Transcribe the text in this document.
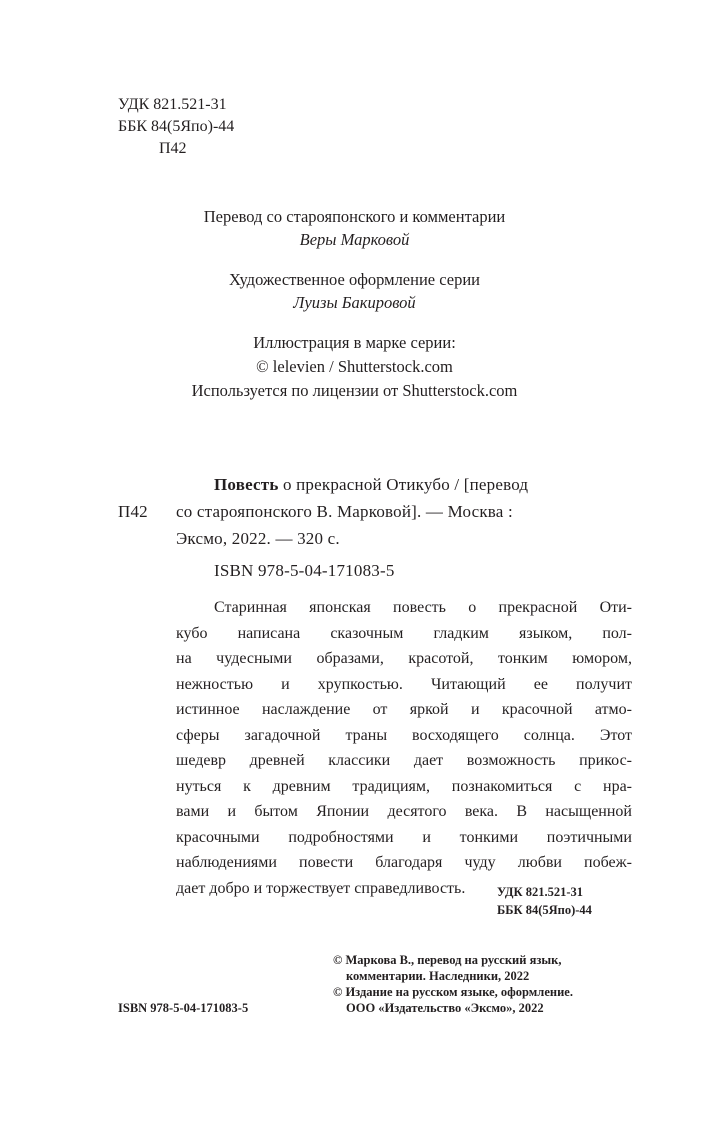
УДК 821.521-31
ББК 84(5Япо)-44
П42
Перевод со старояпонского и комментарии
Веры Марковой
Художественное оформление серии
Луизы Бакировой
Иллюстрация в марке серии:
© lelevien / Shutterstock.com
Используется по лицензии от Shutterstock.com
Повесть о прекрасной Отикубо / [перевод
П42 со старояпонского В. Марковой]. — Москва :
Эксмо, 2022. — 320 с.
ISBN 978-5-04-171083-5
Старинная японская повесть о прекрасной Оти-
кубо написана сказочным гладким языком, пол-
на чудесными образами, красотой, тонким юмором,
нежностью и хрупкостью. Читающий ее получит
истинное наслаждение от яркой и красочной атмо-
сферы загадочной траны восходящего солнца. Этот
шедевр древней классики дает возможность прикос-
нуться к древним традициям, познакомиться с нра-
вами и бытом Японии десятого века. В насыщенной
красочными подробностями и тонкими поэтичными
наблюдениями повести благодаря чуду любви побеж-
дает добро и торжествует справедливость.	УДК 821.521-31
ББК 84(5Япо)-44
© Маркова В., перевод на русский язык,
комментарии. Наследники, 2022
© Издание на русском языке, оформление.
ООО «Издательство «Эксмо», 2022
ISBN 978-5-04-171083-5
